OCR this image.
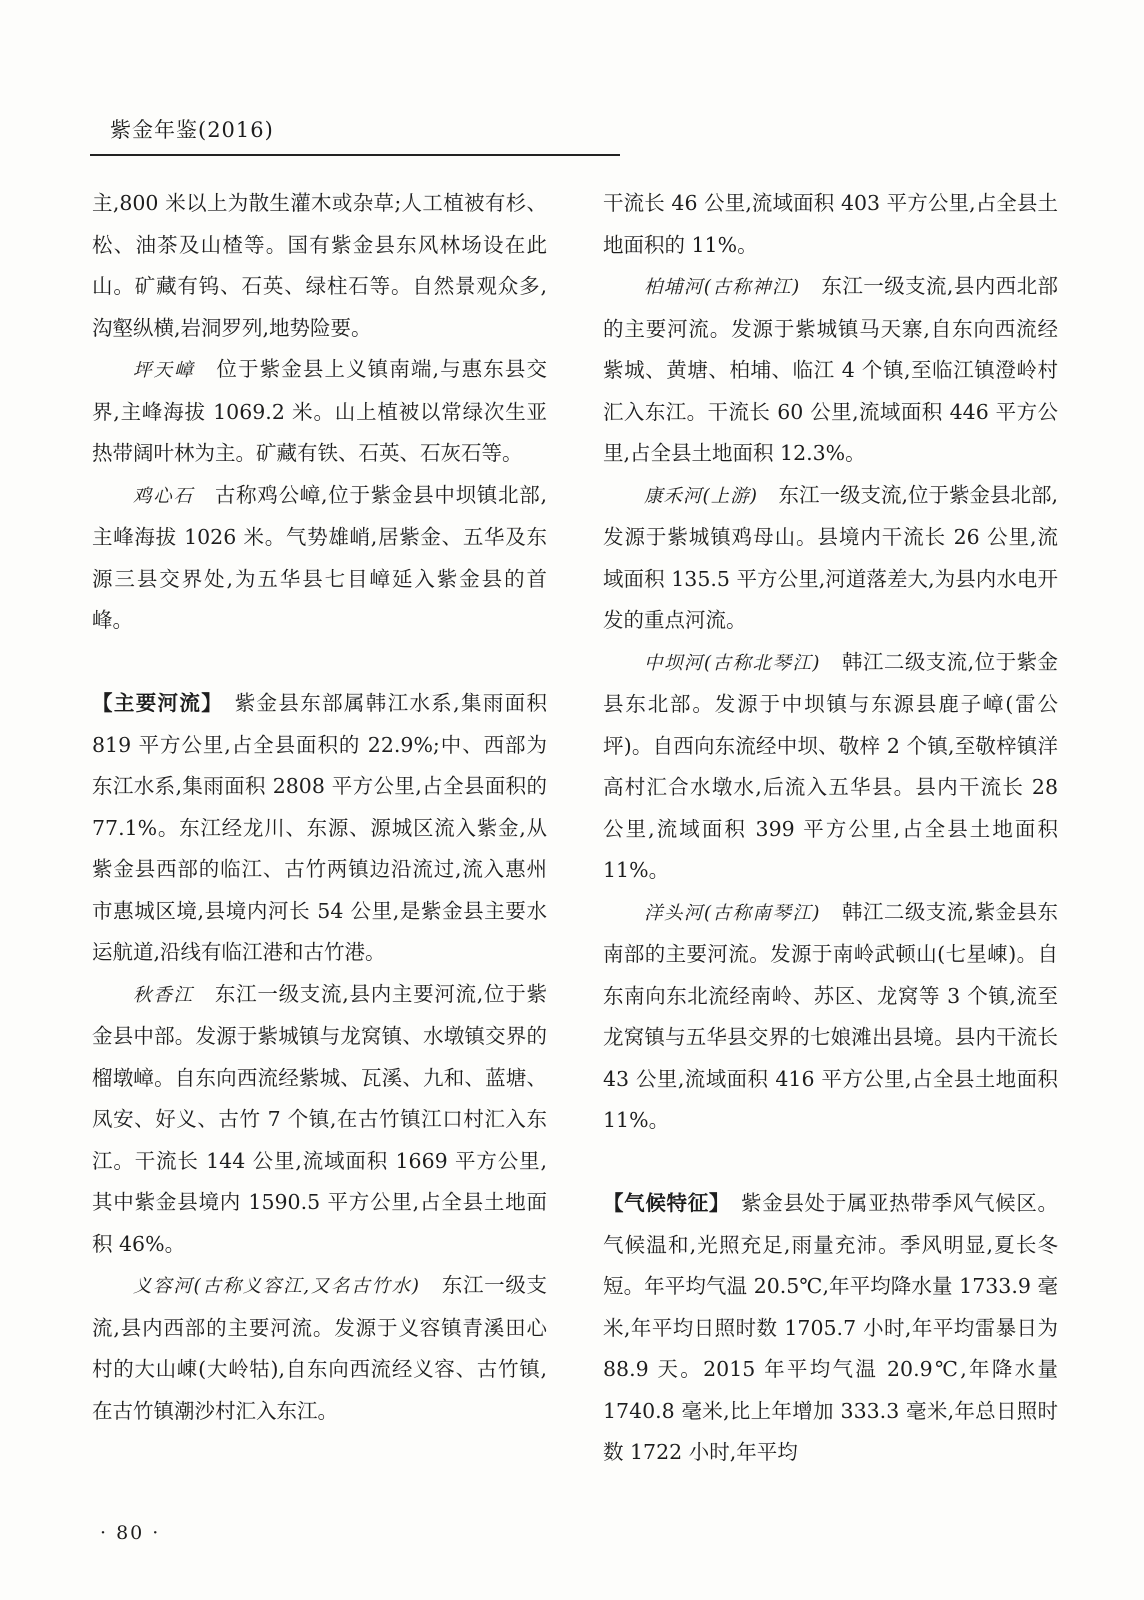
紫金年鉴(2016)

主,800 米以上为散生灌木或杂草;人工植被有杉、松、油茶及山楂等。国有紫金县东风林场设在此山。矿藏有钨、石英、绿柱石等。自然景观众多,沟壑纵横,岩洞罗列,地势险要。

坪天嶂　 位于紫金县上义镇南端,与惠东县交界,主峰海拔 1069.2 米。山上植被以常绿次生亚热带阔叶林为主。矿藏有铁、石英、石灰石等。

鸡心石　 古称鸡公嶂,位于紫金县中坝镇北部,主峰海拔 1026 米。气势雄峭,居紫金、五华及东源三县交界处,为五华县七目嶂延入紫金县的首峰。

【主要河流】　 紫金县东部属韩江水系,集雨面积 819 平方公里,占全县面积的 22.9%;中、西部为东江水系,集雨面积 2808 平方公里,占全县面积的 77.1%。东江经龙川、东源、源城区流入紫金,从紫金县西部的临江、古竹两镇边沿流过,流入惠州市惠城区境,县境内河长 54 公里,是紫金县主要水运航道,沿线有临江港和古竹港。

秋香江　 东江一级支流,县内主要河流,位于紫金县中部。发源于紫城镇与龙窝镇、水墩镇交界的榴墩嶂。自东向西流经紫城、瓦溪、九和、蓝塘、凤安、好义、古竹 7 个镇,在古竹镇江口村汇入东江。干流长 144 公里,流域面积 1669 平方公里,其中紫金县境内 1590.5 平方公里,占全县土地面积 46%。

义容河(古称义容江,又名古竹水)　 东江一级支流,县内西部的主要河流。发源于义容镇青溪田心村的大山崠(大岭牯),自东向西流经义容、古竹镇,在古竹镇潮沙村汇入东江。

干流长 46 公里,流域面积 403 平方公里,占全县土地面积的 11%。

柏埔河(古称神江)　 东江一级支流,县内西北部的主要河流。发源于紫城镇马天寨,自东向西流经紫城、黄塘、柏埔、临江 4 个镇,至临江镇澄岭村汇入东江。干流长 60 公里,流域面积 446 平方公里,占全县土地面积 12.3%。

康禾河(上游)　 东江一级支流,位于紫金县北部,发源于紫城镇鸡母山。县境内干流长 26 公里,流域面积 135.5 平方公里,河道落差大,为县内水电开发的重点河流。

中坝河(古称北琴江)　 韩江二级支流,位于紫金县东北部。发源于中坝镇与东源县鹿子嶂(雷公坪)。自西向东流经中坝、敬梓 2 个镇,至敬梓镇洋高村汇合水墩水,后流入五华县。县内干流长 28 公里,流域面积 399 平方公里,占全县土地面积 11%。

洋头河(古称南琴江)　 韩江二级支流,紫金县东南部的主要河流。发源于南岭武顿山(七星崠)。自东南向东北流经南岭、苏区、龙窝等 3 个镇,流至龙窝镇与五华县交界的七娘滩出县境。县内干流长 43 公里,流域面积 416 平方公里,占全县土地面积 11%。

【气候特征】　 紫金县处于属亚热带季风气候区。气候温和,光照充足,雨量充沛。季风明显,夏长冬短。年平均气温 20.5℃,年平均降水量 1733.9 毫米,年平均日照时数 1705.7 小时,年平均雷暴日为 88.9 天。2015 年平均气温 20.9℃,年降水量 1740.8 毫米,比上年增加 333.3 毫米,年总日照时数 1722 小时,年平均

· 80 ·
